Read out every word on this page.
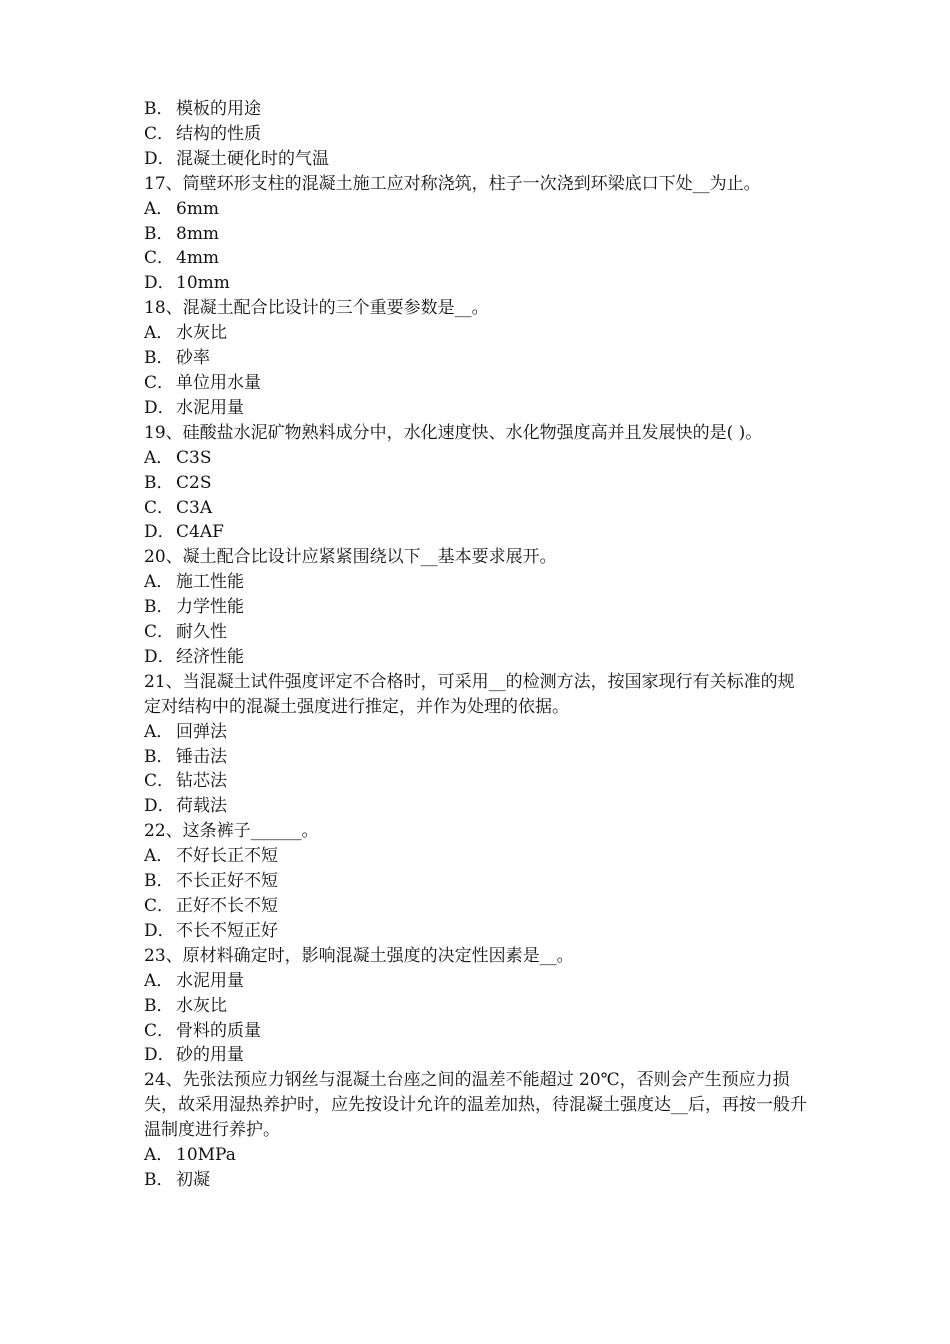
B． 模板的用途
C． 结构的性质
D．混凝土硬化时的气温
17、筒壁环形支柱的混凝土施工应对称浇筑，柱子一次浇到环梁底口下处__为止。
A． 6mm
B． 8mm
C． 4mm
D．10mm
18、混凝土配合比设计的三个重要参数是__。
A． 水灰比
B． 砂率
C． 单位用水量
D．水泥用量
19、硅酸盐水泥矿物熟料成分中，水化速度快、水化物强度高并且发展快的是( )。
A． C3S
B． C2S
C． C3A
D．C4AF
20、凝土配合比设计应紧紧围绕以下__基本要求展开。
A． 施工性能
B． 力学性能
C． 耐久性
D．经济性能
21、当混凝土试件强度评定不合格时，可采用__的检测方法，按国家现行有关标准的规定对结构中的混凝土强度进行推定，并作为处理的依据。
A． 回弹法
B． 锤击法
C． 钻芯法
D．荷载法
22、这条裤子______。
A． 不好长正不短
B． 不长正好不短
C． 正好不长不短
D．不长不短正好
23、原材料确定时，影响混凝土强度的决定性因素是__。
A． 水泥用量
B． 水灰比
C． 骨料的质量
D．砂的用量
24、先张法预应力钢丝与混凝土台座之间的温差不能超过 20℃，否则会产生预应力损失，故采用湿热养护时，应先按设计允许的温差加热，待混凝土强度达__后，再按一般升温制度进行养护。
A． 10MPa
B． 初凝
